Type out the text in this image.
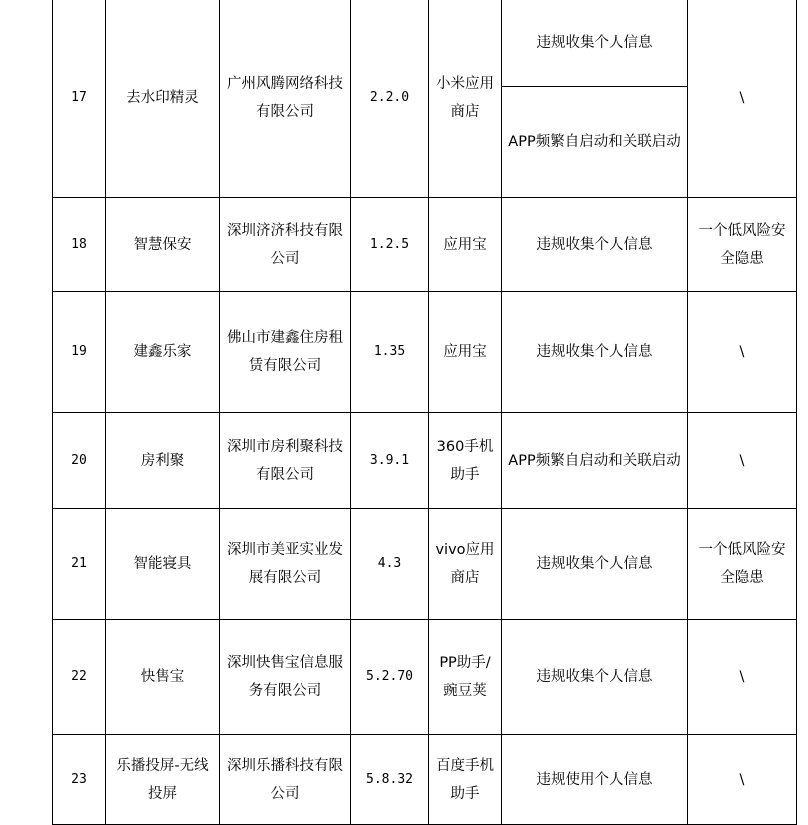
17	去水印精灵	广州风腾网络科技有限公司	2.2.0	小米应用商店	违规收集个人信息	\
					APP频繁自启动和关联启动	
18	智慧保安	深圳济济科技有限公司	1.2.5	应用宝	违规收集个人信息	一个低风险安全隐患
19	建鑫乐家	佛山市建鑫住房租赁有限公司	1.35	应用宝	违规收集个人信息	\
20	房利聚	深圳市房利聚科技有限公司	3.9.1	360手机助手	APP频繁自启动和关联启动	\
21	智能寝具	深圳市美亚实业发展有限公司	4.3	vivo应用商店	违规收集个人信息	一个低风险安全隐患
22	快售宝	深圳快售宝信息服务有限公司	5.2.70	PP助手/豌豆荚	违规收集个人信息	\
23	乐播投屏-无线投屏	深圳乐播科技有限公司	5.8.32	百度手机助手	违规使用个人信息	\
